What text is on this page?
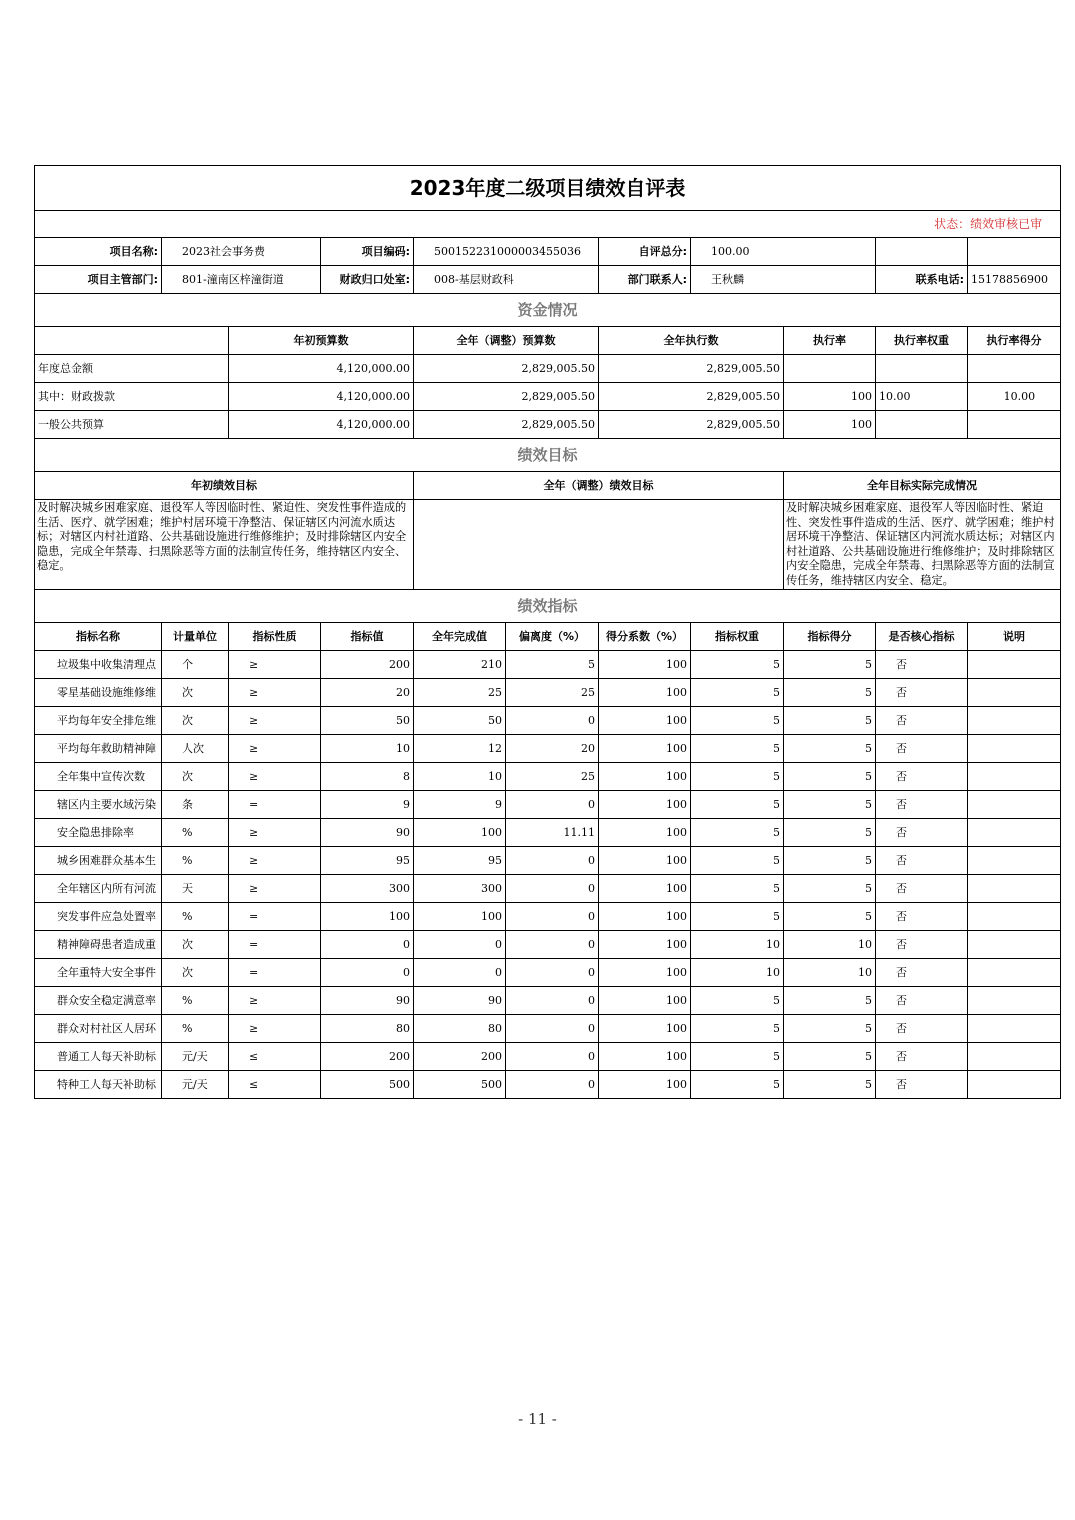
2023年度二级项目绩效自评表										
状态：绩效审核已审										
项目名称:	2023社会事务费		项目编码:	500152231000003455036		自评总分:	100.00			
项目主管部门:	801-潼南区梓潼街道		财政归口处室:	008-基层财政科		部门联系人:	王秋麟		联系电话:	15178856900
资金情况										
		年初预算数		全年（调整）预算数		全年执行数		执行率	执行率权重	执行率得分
年度总金额		4,120,000.00		2,829,005.50		2,829,005.50				
其中：财政拨款		4,120,000.00		2,829,005.50		2,829,005.50		100	10.00	10.00
一般公共预算		4,120,000.00		2,829,005.50		2,829,005.50		100		
绩效目标										
年初绩效目标				全年（调整）绩效目标				全年目标实际完成情况		
及时解决城乡困难家庭、退役军人等因临时性、紧迫性、突发性事件造成的生活、医疗、就学困难；维护村居环境干净整洁、保证辖区内河流水质达标；对辖区内村社道路、公共基础设施进行维修维护；及时排除辖区内安全隐患，完成全年禁毒、扫黑除恶等方面的法制宣传任务，维持辖区内安全、稳定。								及时解决城乡困难家庭、退役军人等因临时性、紧迫性、突发性事件造成的生活、医疗、就学困难；维护村居环境干净整洁、保证辖区内河流水质达标；对辖区内村社道路、公共基础设施进行维修维护；及时排除辖区内安全隐患，完成全年禁毒、扫黑除恶等方面的法制宣传任务，维持辖区内安全、稳定。		
绩效指标										
指标名称	计量单位	指标性质	指标值	全年完成值	偏离度（%）	得分系数（%）	指标权重	指标得分	是否核心指标	说明
垃圾集中收集清理点	个	≥	200	210	5	100	5	5	否	
零星基础设施维修维	次	≥	20	25	25	100	5	5	否	
平均每年安全排危维	次	≥	50	50	0	100	5	5	否	
平均每年救助精神障	人次	≥	10	12	20	100	5	5	否	
全年集中宣传次数	次	≥	8	10	25	100	5	5	否	
辖区内主要水域污染	条	=	9	9	0	100	5	5	否	
安全隐患排除率	%	≥	90	100	11.11	100	5	5	否	
城乡困难群众基本生	%	≥	95	95	0	100	5	5	否	
全年辖区内所有河流	天	≥	300	300	0	100	5	5	否	
突发事件应急处置率	%	=	100	100	0	100	5	5	否	
精神障碍患者造成重	次	=	0	0	0	100	10	10	否	
全年重特大安全事件	次	=	0	0	0	100	10	10	否	
群众安全稳定满意率	%	≥	90	90	0	100	5	5	否	
群众对村社区人居环	%	≥	80	80	0	100	5	5	否	
普通工人每天补助标	元/天	≤	200	200	0	100	5	5	否	
特种工人每天补助标	元/天	≤	500	500	0	100	5	5	否	
- 11 -
